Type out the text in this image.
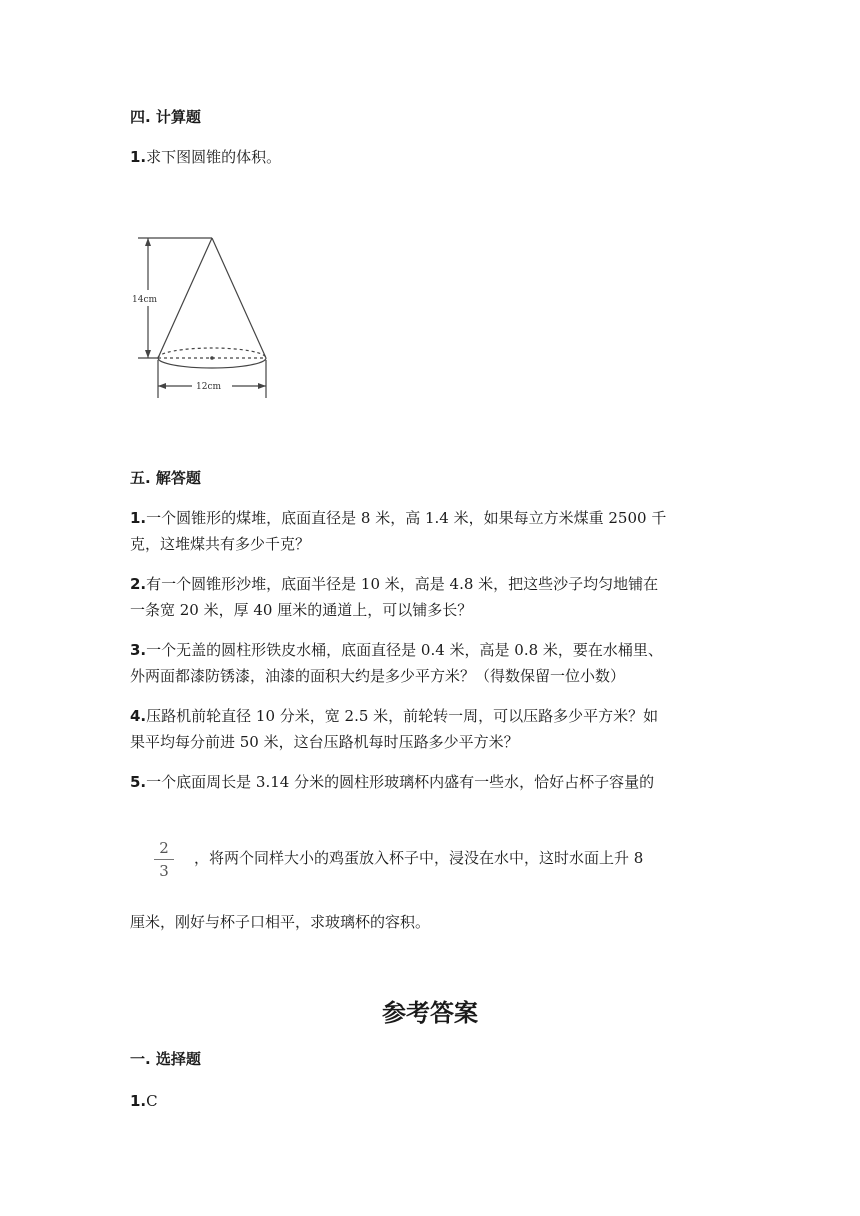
四. 计算题
1.求下图圆锥的体积。
14cm
12cm
五. 解答题
1.一个圆锥形的煤堆，底面直径是 8 米，高 1.4 米，如果每立方米煤重 2500 千
克，这堆煤共有多少千克？
2.有一个圆锥形沙堆，底面半径是 10 米，高是 4.8 米，把这些沙子均匀地铺在
一条宽 20 米，厚 40 厘米的通道上，可以铺多长？
3.一个无盖的圆柱形铁皮水桶，底面直径是 0.4 米，高是 0.8 米，要在水桶里、
外两面都漆防锈漆，油漆的面积大约是多少平方米？（得数保留一位小数）
4.压路机前轮直径 10 分米，宽 2.5 米，前轮转一周，可以压路多少平方米？如
果平均每分前进 50 米，这台压路机每时压路多少平方米？
5.一个底面周长是 3.14 分米的圆柱形玻璃杯内盛有一些水，恰好占杯子容量的
2
3
，将两个同样大小的鸡蛋放入杯子中，浸没在水中，这时水面上升 8
厘米，刚好与杯子口相平，求玻璃杯的容积。
参考答案
一. 选择题
1.C
